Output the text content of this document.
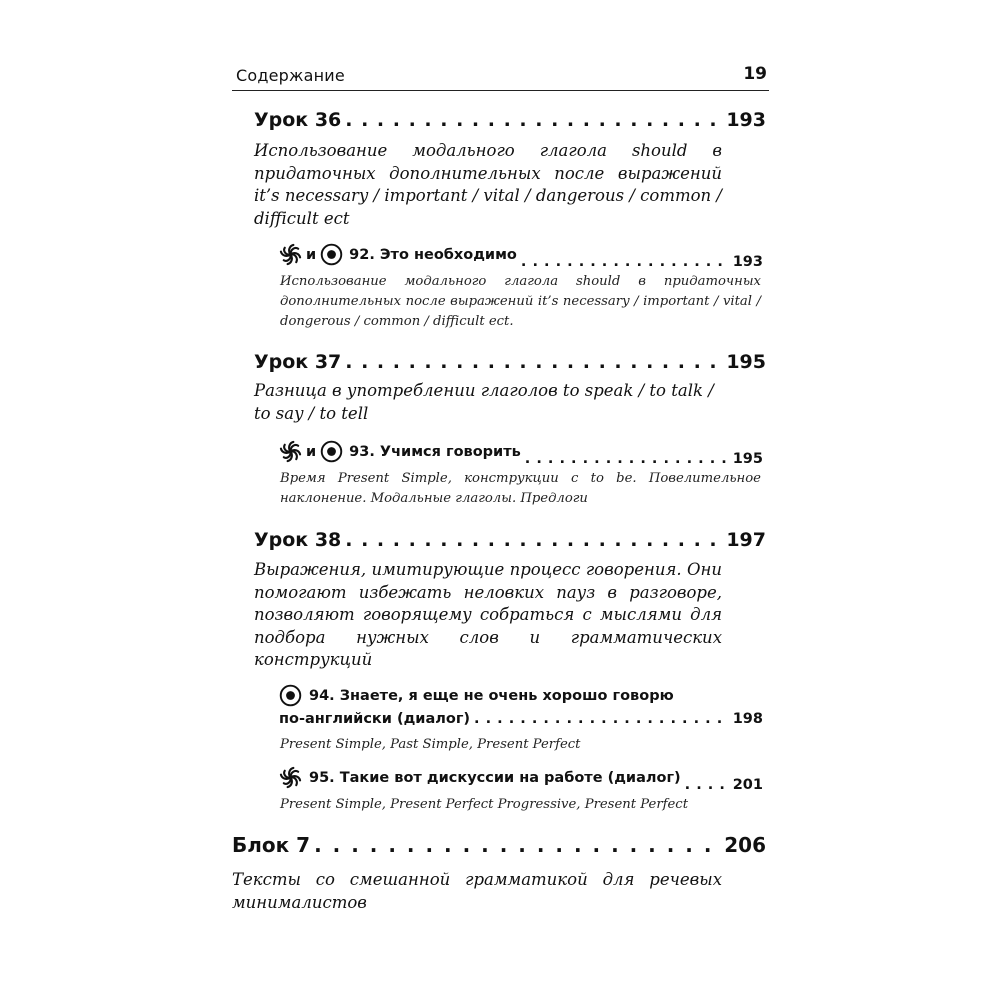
Содержание	19
Урок 36 . . .	193

Использование модального глагола should в придаточных дополнительных после выражений it’s necessary / important / vital / dangerous / common / difficult ect

и 92. Это необходимо . . .	193

Использование модального глагола should в придаточных дополнительных после выражений it’s necessary / important / vital / dongerous / common / difficult ect.

Урок 37 . . .	195

Разница в употреблении глаголов to speak / to talk / to say / to tell

и 93. Учимся говорить . . .	195

Время Present Simple, конструкции с to be. Повелительное наклонение. Модальные глаголы. Предлоги

Урок 38 . . .	197

Выражения, имитирующие процесс говорения. Они помогают избежать неловких пауз в разговоре, позволяют говорящему собраться с мыслями для подбора нужных слов и грамматических конструкций

94. Знаете, я еще не очень хорошо говорю
по-английски (диалог) . . .	198

Present Simple, Past Simple, Present Perfect

95. Такие вот дискуссии на работе (диалог) . . .	201

Present Simple, Present Perfect Progressive, Present Perfect

Блок 7 . . .	206

Тексты со смешанной грамматикой для речевых минималистов
